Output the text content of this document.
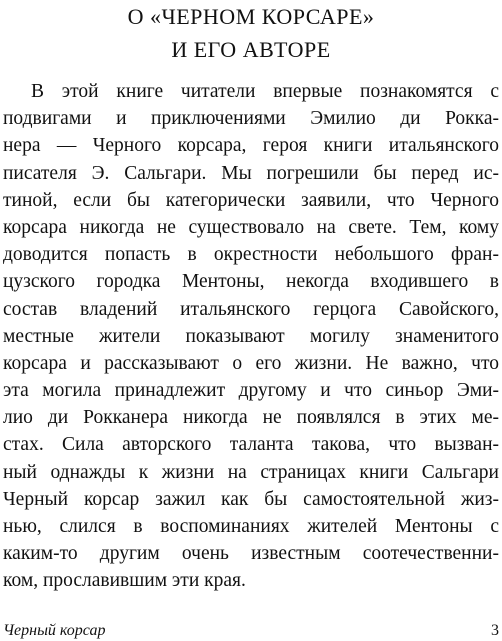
О «ЧЕРНОМ КОРСАРЕ»
И ЕГО АВТОРЕ
В этой книге читатели впервые познакомятся с
подвигами и приключениями Эмилио ди Рокка-
нера — Черного корсара, героя книги итальянского
писателя Э. Сальгари. Мы погрешили бы перед ис-
тиной, если бы категорически заявили, что Черного
корсара никогда не существовало на свете. Тем, кому
доводится попасть в окрестности небольшого фран-
цузского городка Ментоны, некогда входившего в
состав владений итальянского герцога Савойского,
местные жители показывают могилу знаменитого
корсара и рассказывают о его жизни. Не важно, что
эта могила принадлежит другому и что синьор Эми-
лио ди Рокканера никогда не появлялся в этих ме-
стах. Сила авторского таланта такова, что вызван-
ный однажды к жизни на страницах книги Сальгари
Черный корсар зажил как бы самостоятельной жиз-
нью, слился в воспоминаниях жителей Ментоны с
каким-то другим очень известным соотечественни-
ком, прославившим эти края.
Черный корсар	3
